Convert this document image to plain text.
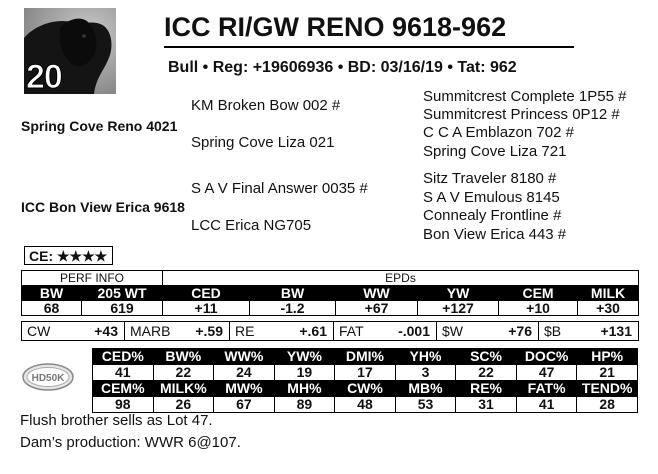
20
ICC RI/GW RENO 9618-962
Bull • Reg: +19606936 • BD: 03/16/19 • Tat: 962
KM Broken Bow 002 #
Spring Cove Reno 4021
Spring Cove Liza 021
Summitcrest Complete 1P55 #
Summitcrest Princess 0P12 #
C C A Emblazon 702 #
Spring Cove Liza 721
S A V Final Answer 0035 #
ICC Bon View Erica 9618
LCC Erica NG705
Sitz Traveler 8180 #
S A V Emulous 8145
Connealy Frontline #
Bon View Erica 443 #
CE: ★★★★
PERF INFO		EPDs					
BW	205 WT	CED	BW	WW	YW	CEM	MILK
68	619	+11	-1.2	+67	+127	+10	+30
CW	+43	MARB +.59	RE	+.61	FAT -.001	$W	+76	$B	+131
HD50K
CED%	BW%	WW%	YW%	DMI%	YH%	SC%	DOC%	HP%
41	22	24	19	17	3	22	47	21
CEM%	MILK%	MW%	MH%	CW%	MB%	RE%	FAT%	TEND%
98	26	67	89	48	53	31	41	28
Flush brother sells as Lot 47.
Dam’s production: WWR 6@107.
